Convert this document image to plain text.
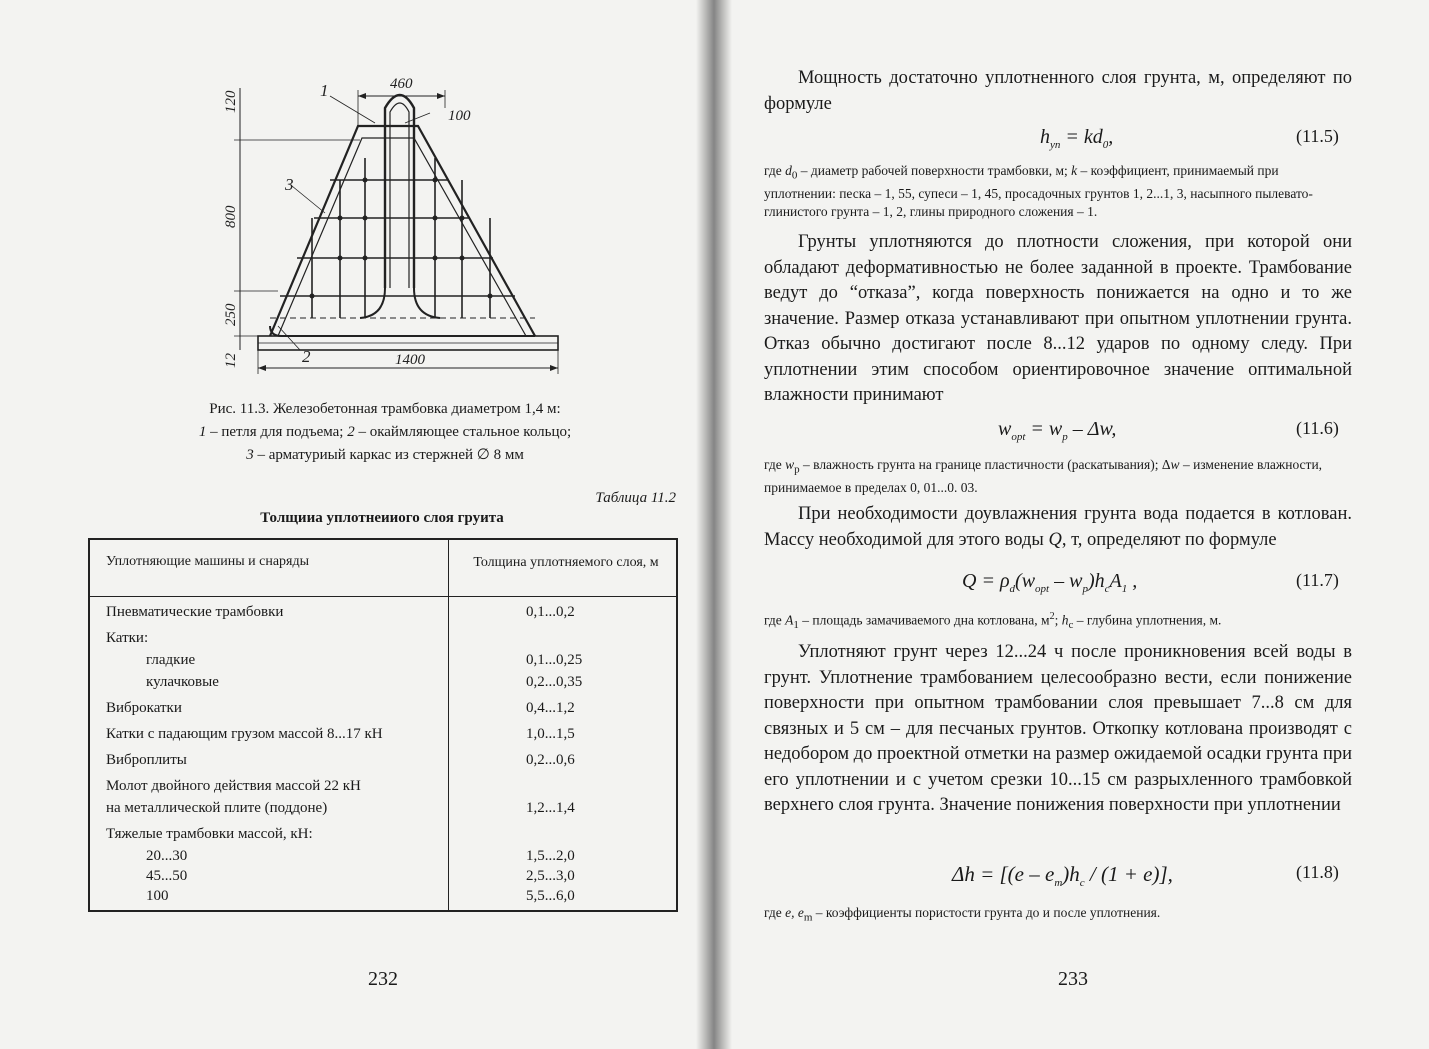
460
100
120
800
250
12	1400
1
3
2
Рис. 11.3. Железобетонная трамбовка диаметром 1,4 м:
1 – петля для подъема; 2 – окаймляющее стальное кольцо;
3 – арматуриый каркас из стержней ∅ 8 мм
Таблица 11.2
Толщииа уплотнеииого слоя груита
Уплотняющие машины и снаряды	Толщина уплотняемого слоя, м
Пневматические трамбовки	0,1...0,2
Катки:
гладкие	0,1...0,25
кулачковые	0,2...0,35
Виброкатки	0,4...1,2
Катки с падающим грузом массой 8...17 кН	1,0...1,5
Виброплиты	0,2...0,6
Молот двойного действия массой 22 кН
на металлической плите (поддоне)	1,2...1,4
Тяжелые трамбовки массой, кН:
20...30	1,5...2,0
45...50	2,5...3,0
100	5,5...6,0
232
Мощность достаточно уплотненного слоя грунта, м, определяют по формуле
$h_{уп} = kd_0$,	(11.5)
где $d_0$ – диаметр рабочей поверхности трамбовки, м; k – коэффициент, принимаемый при уплотнении: песка – 1, 55, супеси – 1, 45, просадочных грунтов 1, 2...1, 3, насыпного пылевато-глинистого грунта – 1, 2, глины природного сложения – 1.
Грунты уплотняются до плотности сложения, при которой они обладают деформативностью не более заданной в проекте. Трамбование ведут до “отказа”, когда поверхность понижается на одно и то же значение. Размер отказа устанавливают при опытном уплотнении грунта. Отказ обычно достигают после 8...12 ударов по одному следу. При уплотнении этим способом ориентировочное значение оптимальной влажности принимают
$w_{opt} = w_p - \Delta w$,	(11.6)
где $w_p$ – влажность грунта на границе пластичности (раскатывания); Δw – изменение влажности, принимаемое в пределах 0, 01...0. 03.
При необходимости доувлажнения грунта вода подается в котлован. Массу необходимой для этого воды Q, т, определяют по формуле
$Q = \rho_d(w_{opt} - w_p)h_cA_1$ ,	(11.7)
где $A_1$ – площадь замачиваемого дна котлована, $м^2$; $h_c$ – глубина уплотнения, м.
Уплотняют грунт через 12...24 ч после проникновения всей воды в грунт. Уплотнение трамбованием целесообразно вести, если понижение поверхности при опытном трамбовании слоя превышает 7...8 см для связных и 5 см – для песчаных грунтов. Откопку котлована производят с недобором до проектной отметки на размер ожидаемой осадки грунта при его уплотнении и с учетом срезки 10...15 см разрыхленного трамбовкой верхнего слоя грунта. Значение понижения поверхности при уплотнении
$\Delta h = [(e - e_m)h_c / (1 + e)]$,	(11.8)
где e, $e_m$ – коэффициенты пористости грунта до и после уплотнения.
233
